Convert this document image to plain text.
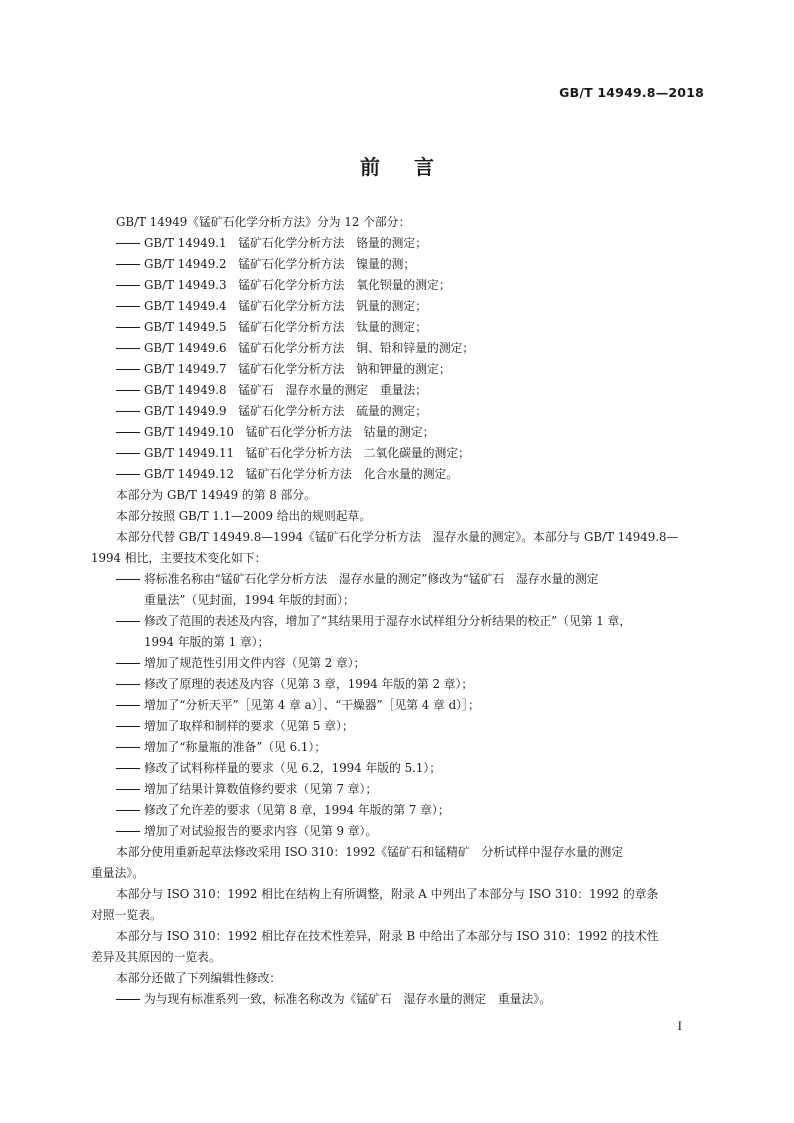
GB/T 14949.8—2018
前言
GB/T 14949《锰矿石化学分析方法》分为 12 个部分：
GB/T 14949.1　锰矿石化学分析方法　铬量的测定；
GB/T 14949.2　锰矿石化学分析方法　镍量的测；
GB/T 14949.3　锰矿石化学分析方法　氧化钡量的测定；
GB/T 14949.4　锰矿石化学分析方法　钒量的测定；
GB/T 14949.5　锰矿石化学分析方法　钛量的测定；
GB/T 14949.6　锰矿石化学分析方法　铜、铅和锌量的测定；
GB/T 14949.7　锰矿石化学分析方法　钠和钾量的测定；
GB/T 14949.8　锰矿石　湿存水量的测定　重量法；
GB/T 14949.9　锰矿石化学分析方法　硫量的测定；
GB/T 14949.10　锰矿石化学分析方法　钴量的测定；
GB/T 14949.11　锰矿石化学分析方法　二氧化碳量的测定；
GB/T 14949.12　锰矿石化学分析方法　化合水量的测定。
本部分为 GB/T 14949 的第 8 部分。
本部分按照 GB/T 1.1—2009 给出的规则起草。
本部分代替 GB/T 14949.8—1994《锰矿石化学分析方法　湿存水量的测定》。本部分与 GB/T 14949.8—
1994 相比，主要技术变化如下：
将标准名称由“锰矿石化学分析方法　湿存水量的测定”修改为“锰矿石　湿存水量的测定
重量法”（见封面，1994 年版的封面）；
修改了范围的表述及内容，增加了“其结果用于湿存水试样组分分析结果的校正”（见第 1 章，
1994 年版的第 1 章）；
增加了规范性引用文件内容（见第 2 章）；
修改了原理的表述及内容（见第 3 章，1994 年版的第 2 章）；
增加了“分析天平”［见第 4 章 a）］、“干燥器”［见第 4 章 d）］；
增加了取样和制样的要求（见第 5 章）；
增加了“称量瓶的准备”（见 6.1）；
修改了试料称样量的要求（见 6.2，1994 年版的 5.1）；
增加了结果计算数值修约要求（见第 7 章）；
修改了允许差的要求（见第 8 章，1994 年版的第 7 章）；
增加了对试验报告的要求内容（见第 9 章）。
本部分使用重新起草法修改采用 ISO 310：1992《锰矿石和锰精矿　分析试样中湿存水量的测定
重量法》。
本部分与 ISO 310：1992 相比在结构上有所调整，附录 A 中列出了本部分与 ISO 310：1992 的章条
对照一览表。
本部分与 ISO 310：1992 相比存在技术性差异，附录 B 中给出了本部分与 ISO 310：1992 的技术性
差异及其原因的一览表。
本部分还做了下列编辑性修改：
为与现有标准系列一致，标准名称改为《锰矿石　湿存水量的测定　重量法》。
I
